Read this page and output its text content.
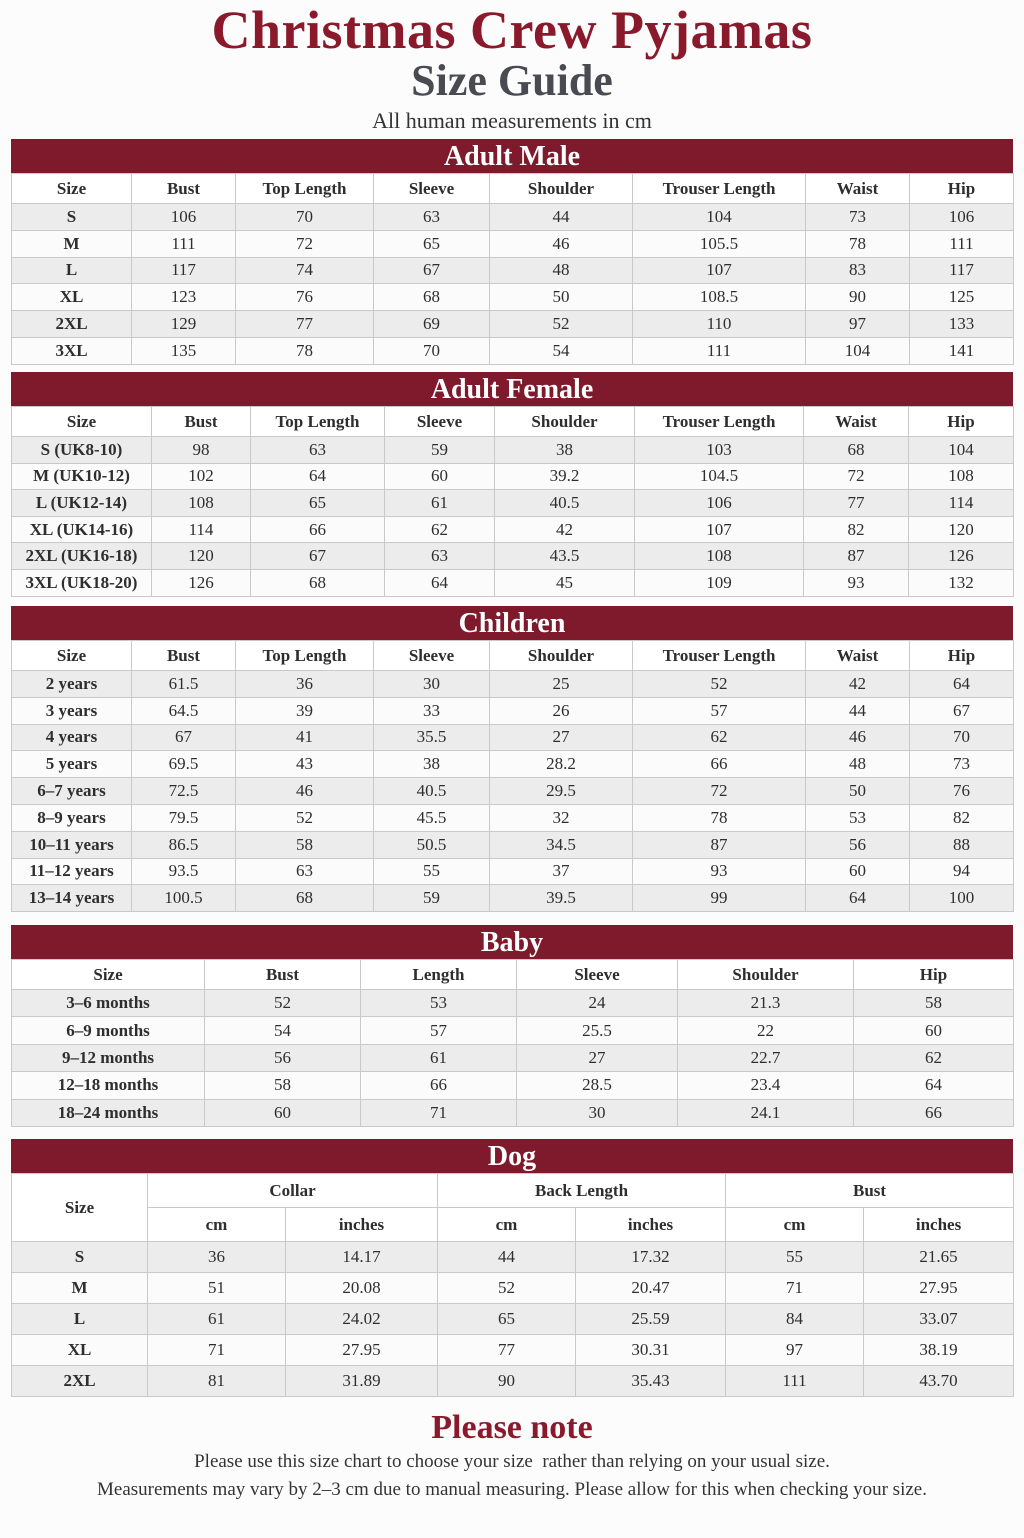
Christmas Crew Pyjamas
Size Guide
All human measurements in cm
Adult Male
Size	Bust	Top Length	Sleeve	Shoulder	Trouser Length	Waist	Hip
S	106	70	63	44	104	73	106
M	111	72	65	46	105.5	78	111
L	117	74	67	48	107	83	117
XL	123	76	68	50	108.5	90	125
2XL	129	77	69	52	110	97	133
3XL	135	78	70	54	111	104	141
Adult Female
Size	Bust	Top Length	Sleeve	Shoulder	Trouser Length	Waist	Hip
S (UK8-10)	98	63	59	38	103	68	104
M (UK10-12)	102	64	60	39.2	104.5	72	108
L (UK12-14)	108	65	61	40.5	106	77	114
XL (UK14-16)	114	66	62	42	107	82	120
2XL (UK16-18)	120	67	63	43.5	108	87	126
3XL (UK18-20)	126	68	64	45	109	93	132
Children
Size	Bust	Top Length	Sleeve	Shoulder	Trouser Length	Waist	Hip
2 years	61.5	36	30	25	52	42	64
3 years	64.5	39	33	26	57	44	67
4 years	67	41	35.5	27	62	46	70
5 years	69.5	43	38	28.2	66	48	73
6–7 years	72.5	46	40.5	29.5	72	50	76
8–9 years	79.5	52	45.5	32	78	53	82
10–11 years	86.5	58	50.5	34.5	87	56	88
11–12 years	93.5	63	55	37	93	60	94
13–14 years	100.5	68	59	39.5	99	64	100
Baby
Size	Bust	Length	Sleeve	Shoulder	Hip
3–6 months	52	53	24	21.3	58
6–9 months	54	57	25.5	22	60
9–12 months	56	61	27	22.7	62
12–18 months	58	66	28.5	23.4	64
18–24 months	60	71	30	24.1	66
Dog
Size	Collar		Back Length		Bust	
	cm	inches	cm	inches	cm	inches
S	36	14.17	44	17.32	55	21.65
M	51	20.08	52	20.47	71	27.95
L	61	24.02	65	25.59	84	33.07
XL	71	27.95	77	30.31	97	38.19
2XL	81	31.89	90	35.43	111	43.70
Please note
Please use this size chart to choose your size  rather than relying on your usual size.
Measurements may vary by 2–3 cm due to manual measuring. Please allow for this when checking your size.
